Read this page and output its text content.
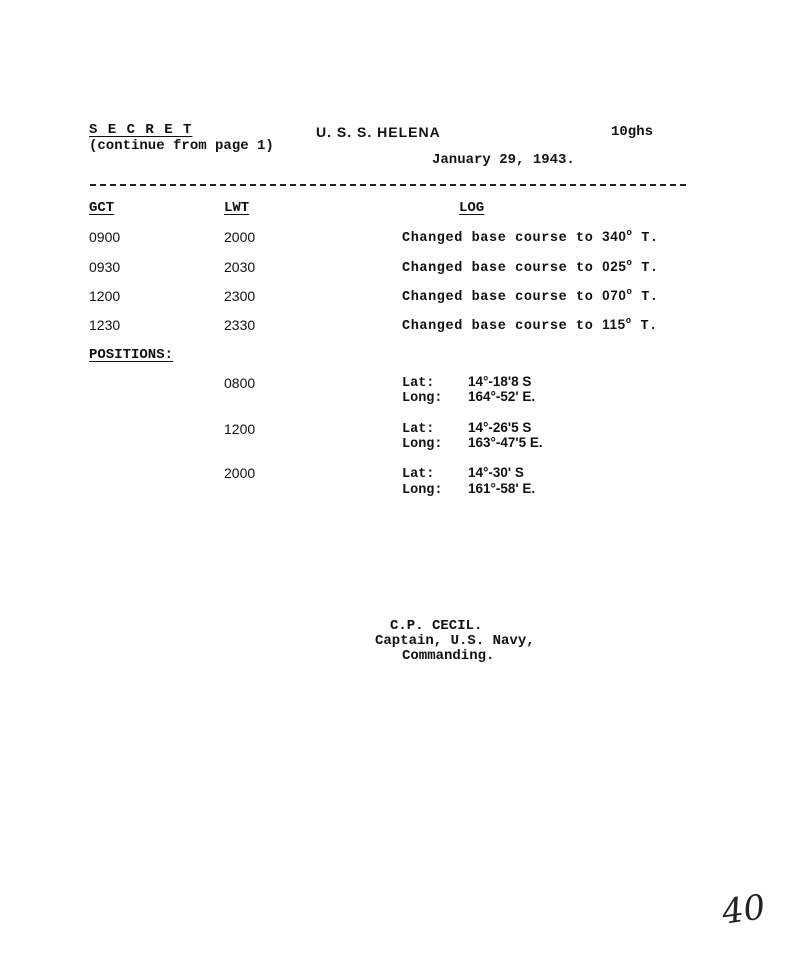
S E C R E T
(continue from page 1)
U. S. S. HELENA	10ghs
January 29, 1943.
GCT	LWT	LOG
0900	2000	Changed base course to 340$^o$ T.
0930	2030	Changed base course to 025$^o$ T.
1200	2300	Changed base course to 070$^o$ T.
1230	2330	Changed base course to 115$^o$ T.
POSITIONS:
0800	Lat: 14°-18'8 S
Long: 164°-52' E.
1200	Lat: 14°-26'5 S
Long: 163°-47'5 E.
2000	Lat: 14°-30' S
Long: 161°-58' E.
C.P. CECIL.
Captain, U.S. Navy,
Commanding.
40
